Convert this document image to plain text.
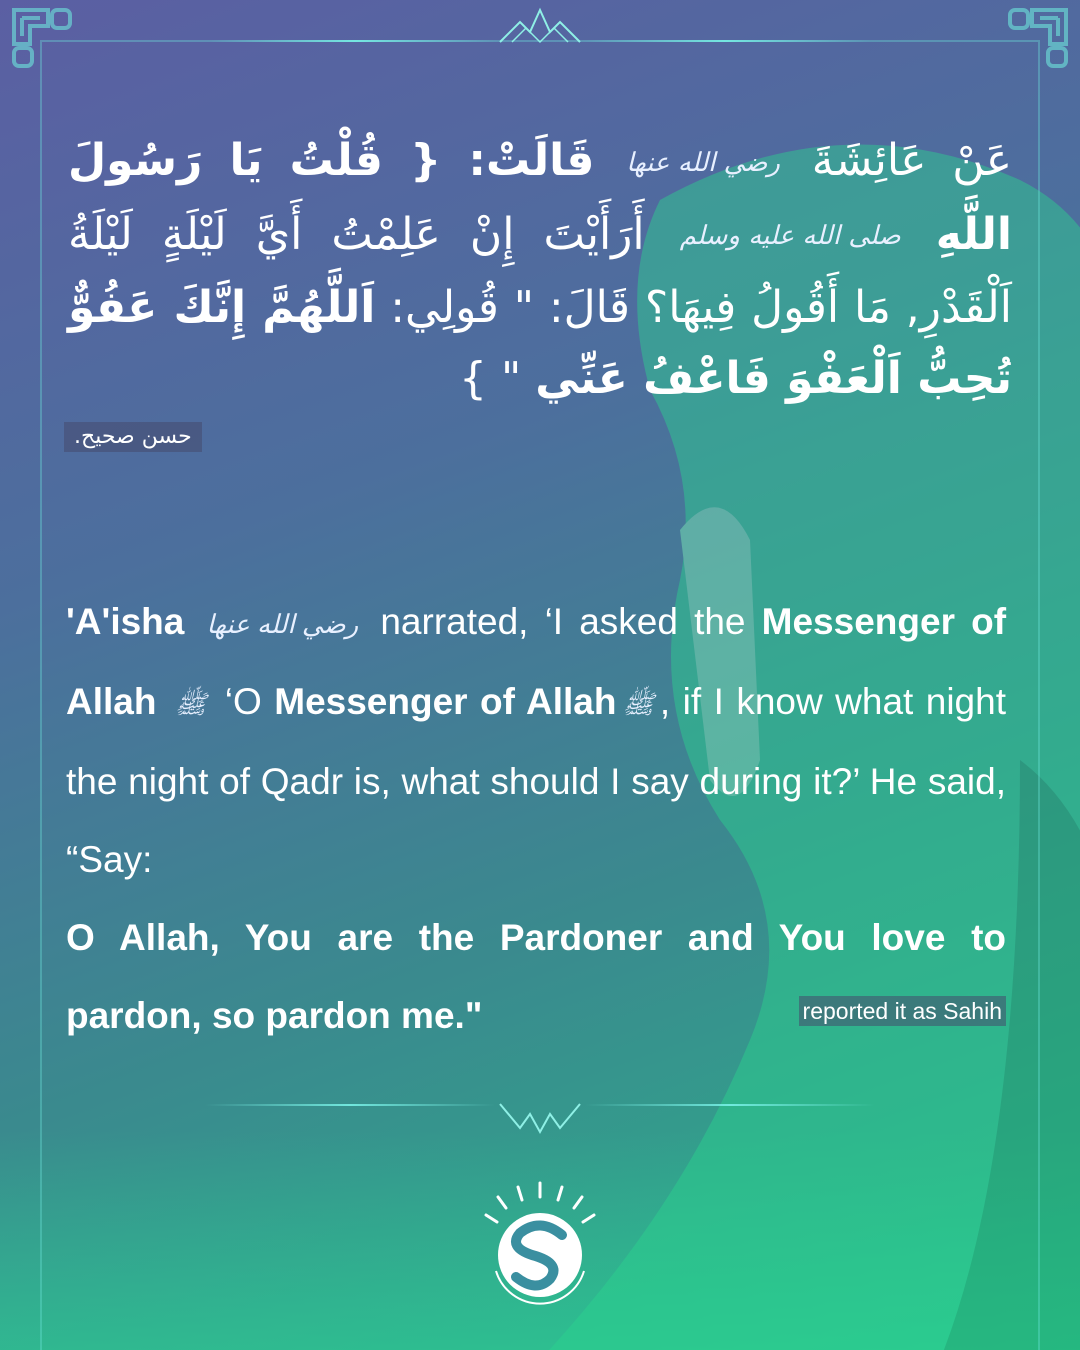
عَنْ عَائِشَةَ رضي الله عنها قَالَتْ: { قُلْتُ يَا رَسُولَ اللَّهِ صلى الله عليه وسلم أَرَأَيْتَ إِنْ عَلِمْتُ أَيَّ لَيْلَةٍ لَيْلَةُ اَلْقَدْرِ, مَا أَقُولُ فِيهَا؟ قَالَ: " قُولِي: اَللَّهُمَّ إِنَّكَ عَفُوٌّ تُحِبُّ اَلْعَفْوَ فَاعْفُ عَنِّي " }
حسن صحيح.
'A'isha رضي الله عنها narrated, ‘I asked the Messenger of Allah ﷺ ‘O Messenger of Allah ﷺ , if I know what night the night of Qadr is, what should I say during it?’ He said, “Say:
O Allah, You are the Pardoner and You love to pardon, so pardon me."	reported it as Sahih
